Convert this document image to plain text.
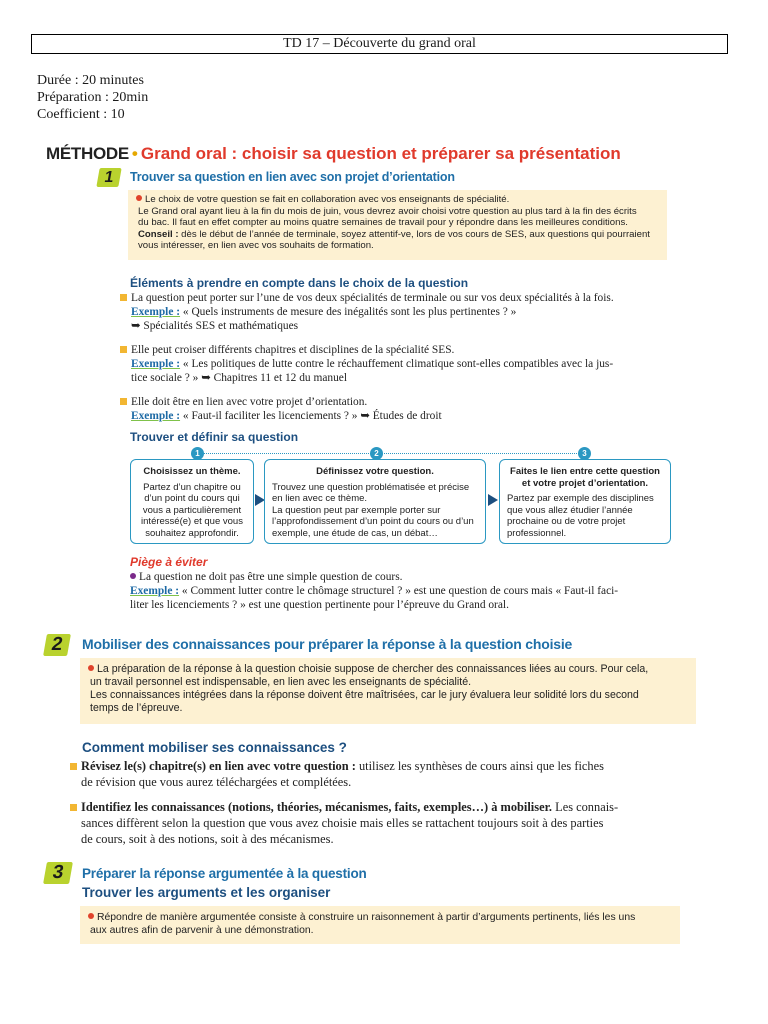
TD 17 – Découverte du grand oral
Durée : 20 minutes
Préparation : 20min
Coefficient : 10
MÉTHODE • Grand oral : choisir sa question et préparer sa présentation
1	Trouver sa question en lien avec son projet d’orientation

Le choix de votre question se fait en collaboration avec vos enseignants de spécialité.

Le Grand oral ayant lieu à la fin du mois de juin, vous devrez avoir choisi votre question au plus tard à la fin des écrits

du bac. Il faut en effet compter au moins quatre semaines de travail pour y répondre dans les meilleures conditions.

Conseil : dès le début de l’année de terminale, soyez attentif-ve, lors de vos cours de SES, aux questions qui pourraient

vous intéresser, en lien avec vos souhaits de formation.

Éléments à prendre en compte dans le choix de la question

La question peut porter sur l’une de vos deux spécialités de terminale ou sur vos deux spécialités à la fois.

Exemple : « Quels instruments de mesure des inégalités sont les plus pertinentes ? »

➥ Spécialités SES et mathématiques

Elle peut croiser différents chapitres et disciplines de la spécialité SES.

Exemple : « Les politiques de lutte contre le réchauffement climatique sont-elles compatibles avec la jus-

tice sociale ? » ➥ Chapitres 11 et 12 du manuel

Elle doit être en lien avec votre projet d’orientation.

Exemple : « Faut-il faciliter les licenciements ? » ➥ Études de droit

Trouver et définir sa question
1	2	3
Choisissez un thème.
Partez d’un chapitre ou d’un point du cours qui vous a particulièrement intéressé(e) et que vous souhaitez approfondir.
Définissez votre question.
Trouvez une question problématisée et précise en lien avec ce thème.
La question peut par exemple porter sur l’approfondissement d’un point du cours ou d’un exemple, une étude de cas, un débat…
Faites le lien entre cette question et votre projet d’orientation.
Partez par exemple des disciplines que vous allez étudier l’année prochaine ou de votre projet professionnel.
Piège à éviter

La question ne doit pas être une simple question de cours.

Exemple : « Comment lutter contre le chômage structurel ? » est une question de cours mais « Faut-il faci-

liter les licenciements ? » est une question pertinente pour l’épreuve du Grand oral.

2	Mobiliser des connaissances pour préparer la réponse à la question choisie

La préparation de la réponse à la question choisie suppose de chercher des connaissances liées au cours. Pour cela,

un travail personnel est indispensable, en lien avec les enseignants de spécialité.

Les connaissances intégrées dans la réponse doivent être maîtrisées, car le jury évaluera leur solidité lors du second

temps de l’épreuve.

Comment mobiliser ses connaissances ?

Révisez le(s) chapitre(s) en lien avec votre question : utilisez les synthèses de cours ainsi que les fiches

de révision que vous aurez téléchargées et complétées.

Identifiez les connaissances (notions, théories, mécanismes, faits, exemples…) à mobiliser. Les connais-

sances diffèrent selon la question que vous avez choisie mais elles se rattachent toujours soit à des parties

de cours, soit à des notions, soit à des mécanismes.

3	Préparer la réponse argumentée à la question
Trouver les arguments et les organiser

Répondre de manière argumentée consiste à construire un raisonnement à partir d’arguments pertinents, liés les uns

aux autres afin de parvenir à une démonstration.
